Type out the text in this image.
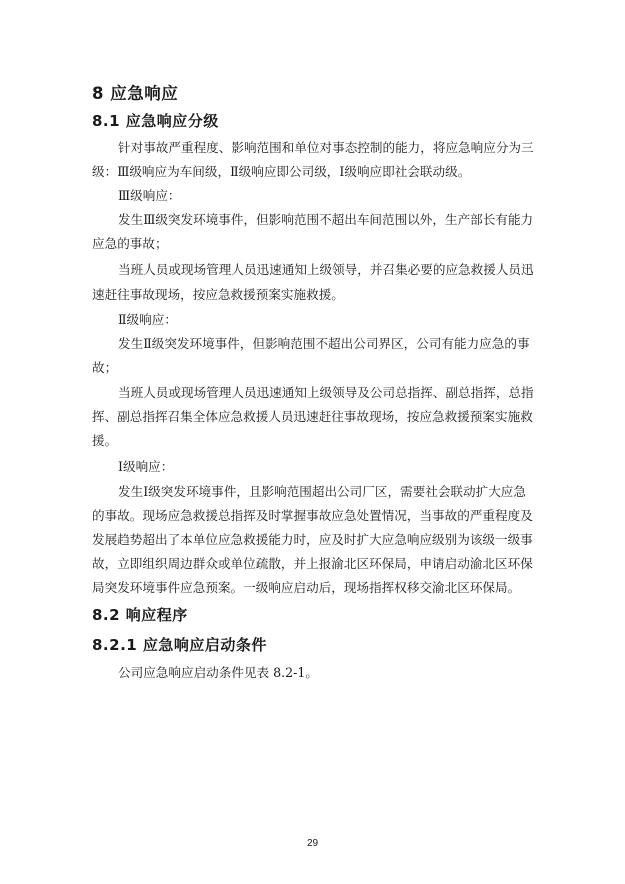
8 应急响应
8.1 应急响应分级
针对事故严重程度、影响范围和单位对事态控制的能力，将应急响应分为三
级：Ⅲ级响应为车间级，Ⅱ级响应即公司级，Ⅰ级响应即社会联动级。
Ⅲ级响应：
发生Ⅲ级突发环境事件，但影响范围不超出车间范围以外，生产部长有能力
应急的事故；
当班人员或现场管理人员迅速通知上级领导，并召集必要的应急救援人员迅
速赶往事故现场，按应急救援预案实施救援。
Ⅱ级响应：
发生Ⅱ级突发环境事件，但影响范围不超出公司界区，公司有能力应急的事
故；
当班人员或现场管理人员迅速通知上级领导及公司总指挥、副总指挥，总指
挥、副总指挥召集全体应急救援人员迅速赶往事故现场，按应急救援预案实施救
援。
Ⅰ级响应：
发生Ⅰ级突发环境事件，且影响范围超出公司厂区，需要社会联动扩大应急
的事故。现场应急救援总指挥及时掌握事故应急处置情况，当事故的严重程度及
发展趋势超出了本单位应急救援能力时，应及时扩大应急响应级别为该级一级事
故，立即组织周边群众或单位疏散，并上报渝北区环保局，申请启动渝北区环保
局突发环境事件应急预案。一级响应启动后，现场指挥权移交渝北区环保局。
8.2 响应程序
8.2.1 应急响应启动条件
公司应急响应启动条件见表 8.2-1。
29
